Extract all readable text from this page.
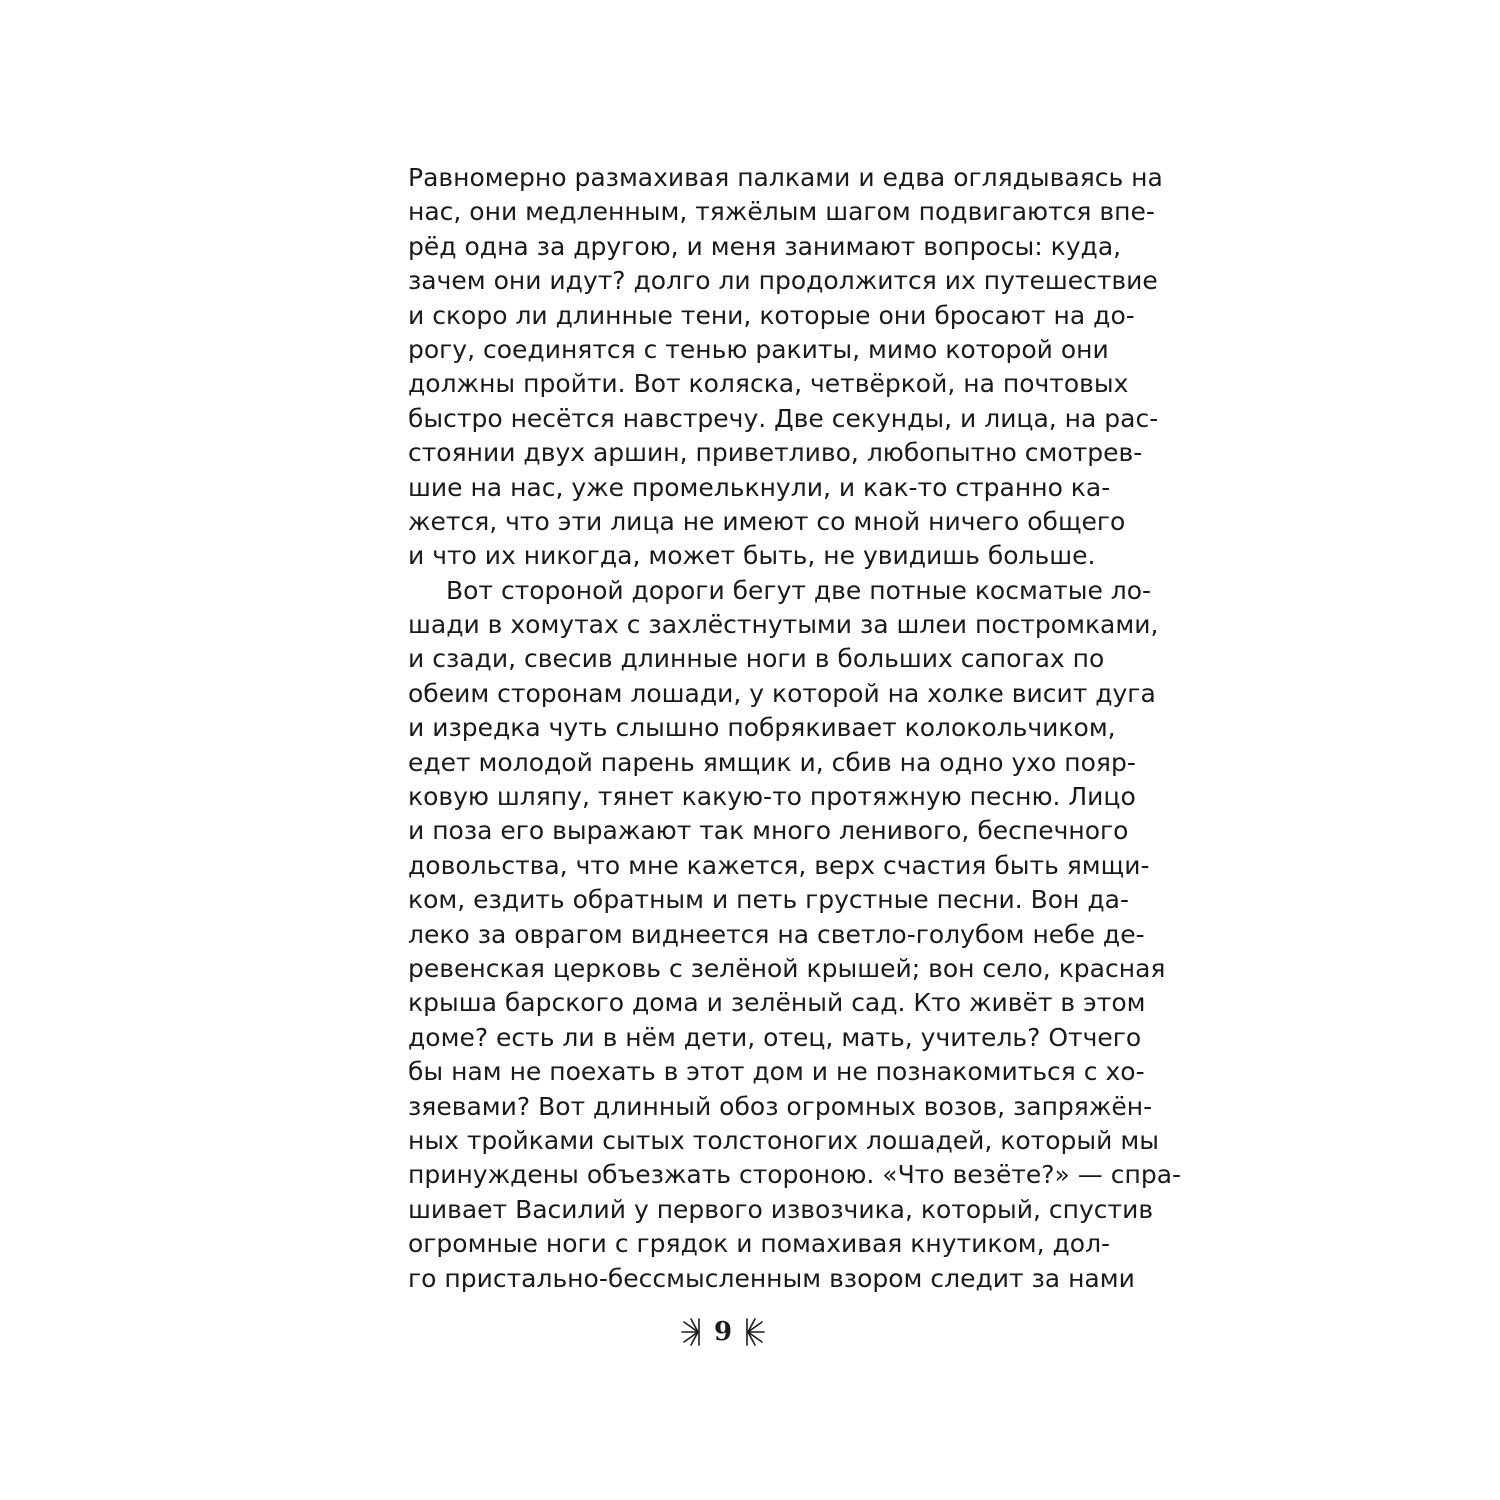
Равномерно размахивая палками и едва оглядываясь на
нас, они медленным, тяжёлым шагом подвигаются впе-
рёд одна за другою, и меня занимают вопросы: куда,
зачем они идут? долго ли продолжится их путешествие
и скоро ли длинные тени, которые они бросают на до-
рогу, соединятся с тенью ракиты, мимо которой они
должны пройти. Вот коляска, четвёркой, на почтовых
быстро несётся навстречу. Две секунды, и лица, на рас-
стоянии двух аршин, приветливо, любопытно смотрев-
шие на нас, уже промелькнули, и как-то странно ка-
жется, что эти лица не имеют со мной ничего общего
и что их никогда, может быть, не увидишь больше.
Вот стороной дороги бегут две потные косматые ло-
шади в хомутах с захлёстнутыми за шлеи постромками,
и сзади, свесив длинные ноги в больших сапогах по
обеим сторонам лошади, у которой на холке висит дуга
и изредка чуть слышно побрякивает колокольчиком,
едет молодой парень ямщик и, сбив на одно ухо пояр-
ковую шляпу, тянет какую-то протяжную песню. Лицо
и поза его выражают так много ленивого, беспечного
довольства, что мне кажется, верх счастия быть ямщи-
ком, ездить обратным и петь грустные песни. Вон да-
леко за оврагом виднеется на светло-голубом небе де-
ревенская церковь с зелёной крышей; вон село, красная
крыша барского дома и зелёный сад. Кто живёт в этом
доме? есть ли в нём дети, отец, мать, учитель? Отчего
бы нам не поехать в этот дом и не познакомиться с хо-
зяевами? Вот длинный обоз огромных возов, запряжён-
ных тройками сытых толстоногих лошадей, который мы
принуждены объезжать стороною. «Что везёте?» — спра-
шивает Василий у первого извозчика, который, спустив
огромные ноги с грядок и помахивая кнутиком, дол-
го пристально-бессмысленным взором следит за нами
9
